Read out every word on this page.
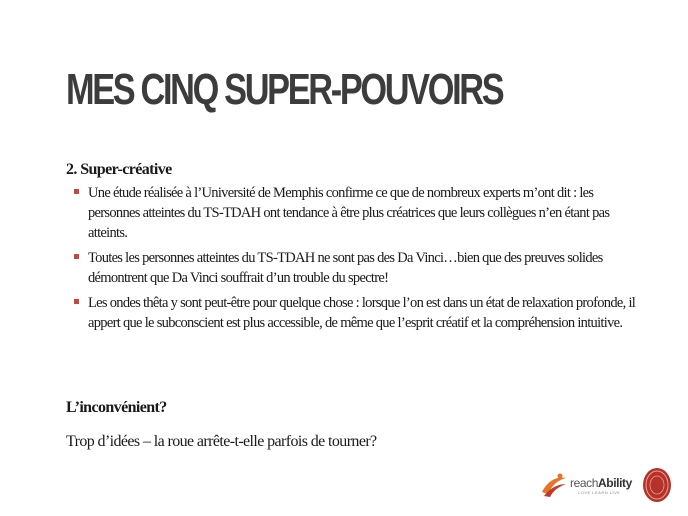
MES CINQ SUPER-POUVOIRS
2. Super-créative
Une étude réalisée à l’Université de Memphis confirme ce que de nombreux experts m’ont dit : les personnes atteintes du TS-TDAH ont tendance à être plus créatrices que leurs collègues n’en étant pas atteints.
Toutes les personnes atteintes du TS-TDAH ne sont pas des Da Vinci…bien que des preuves solides démontrent que Da Vinci souffrait d’un trouble du spectre!
Les ondes thêta y sont peut-être pour quelque chose : lorsque l’on est dans un état de relaxation profonde, il appert que le subconscient est plus accessible, de même que l’esprit créatif et la compréhension intuitive.
L’inconvénient?
Trop d’idées – la roue arrête-t-elle parfois de tourner?
reachAbility
LOVE LEARN LIVE
